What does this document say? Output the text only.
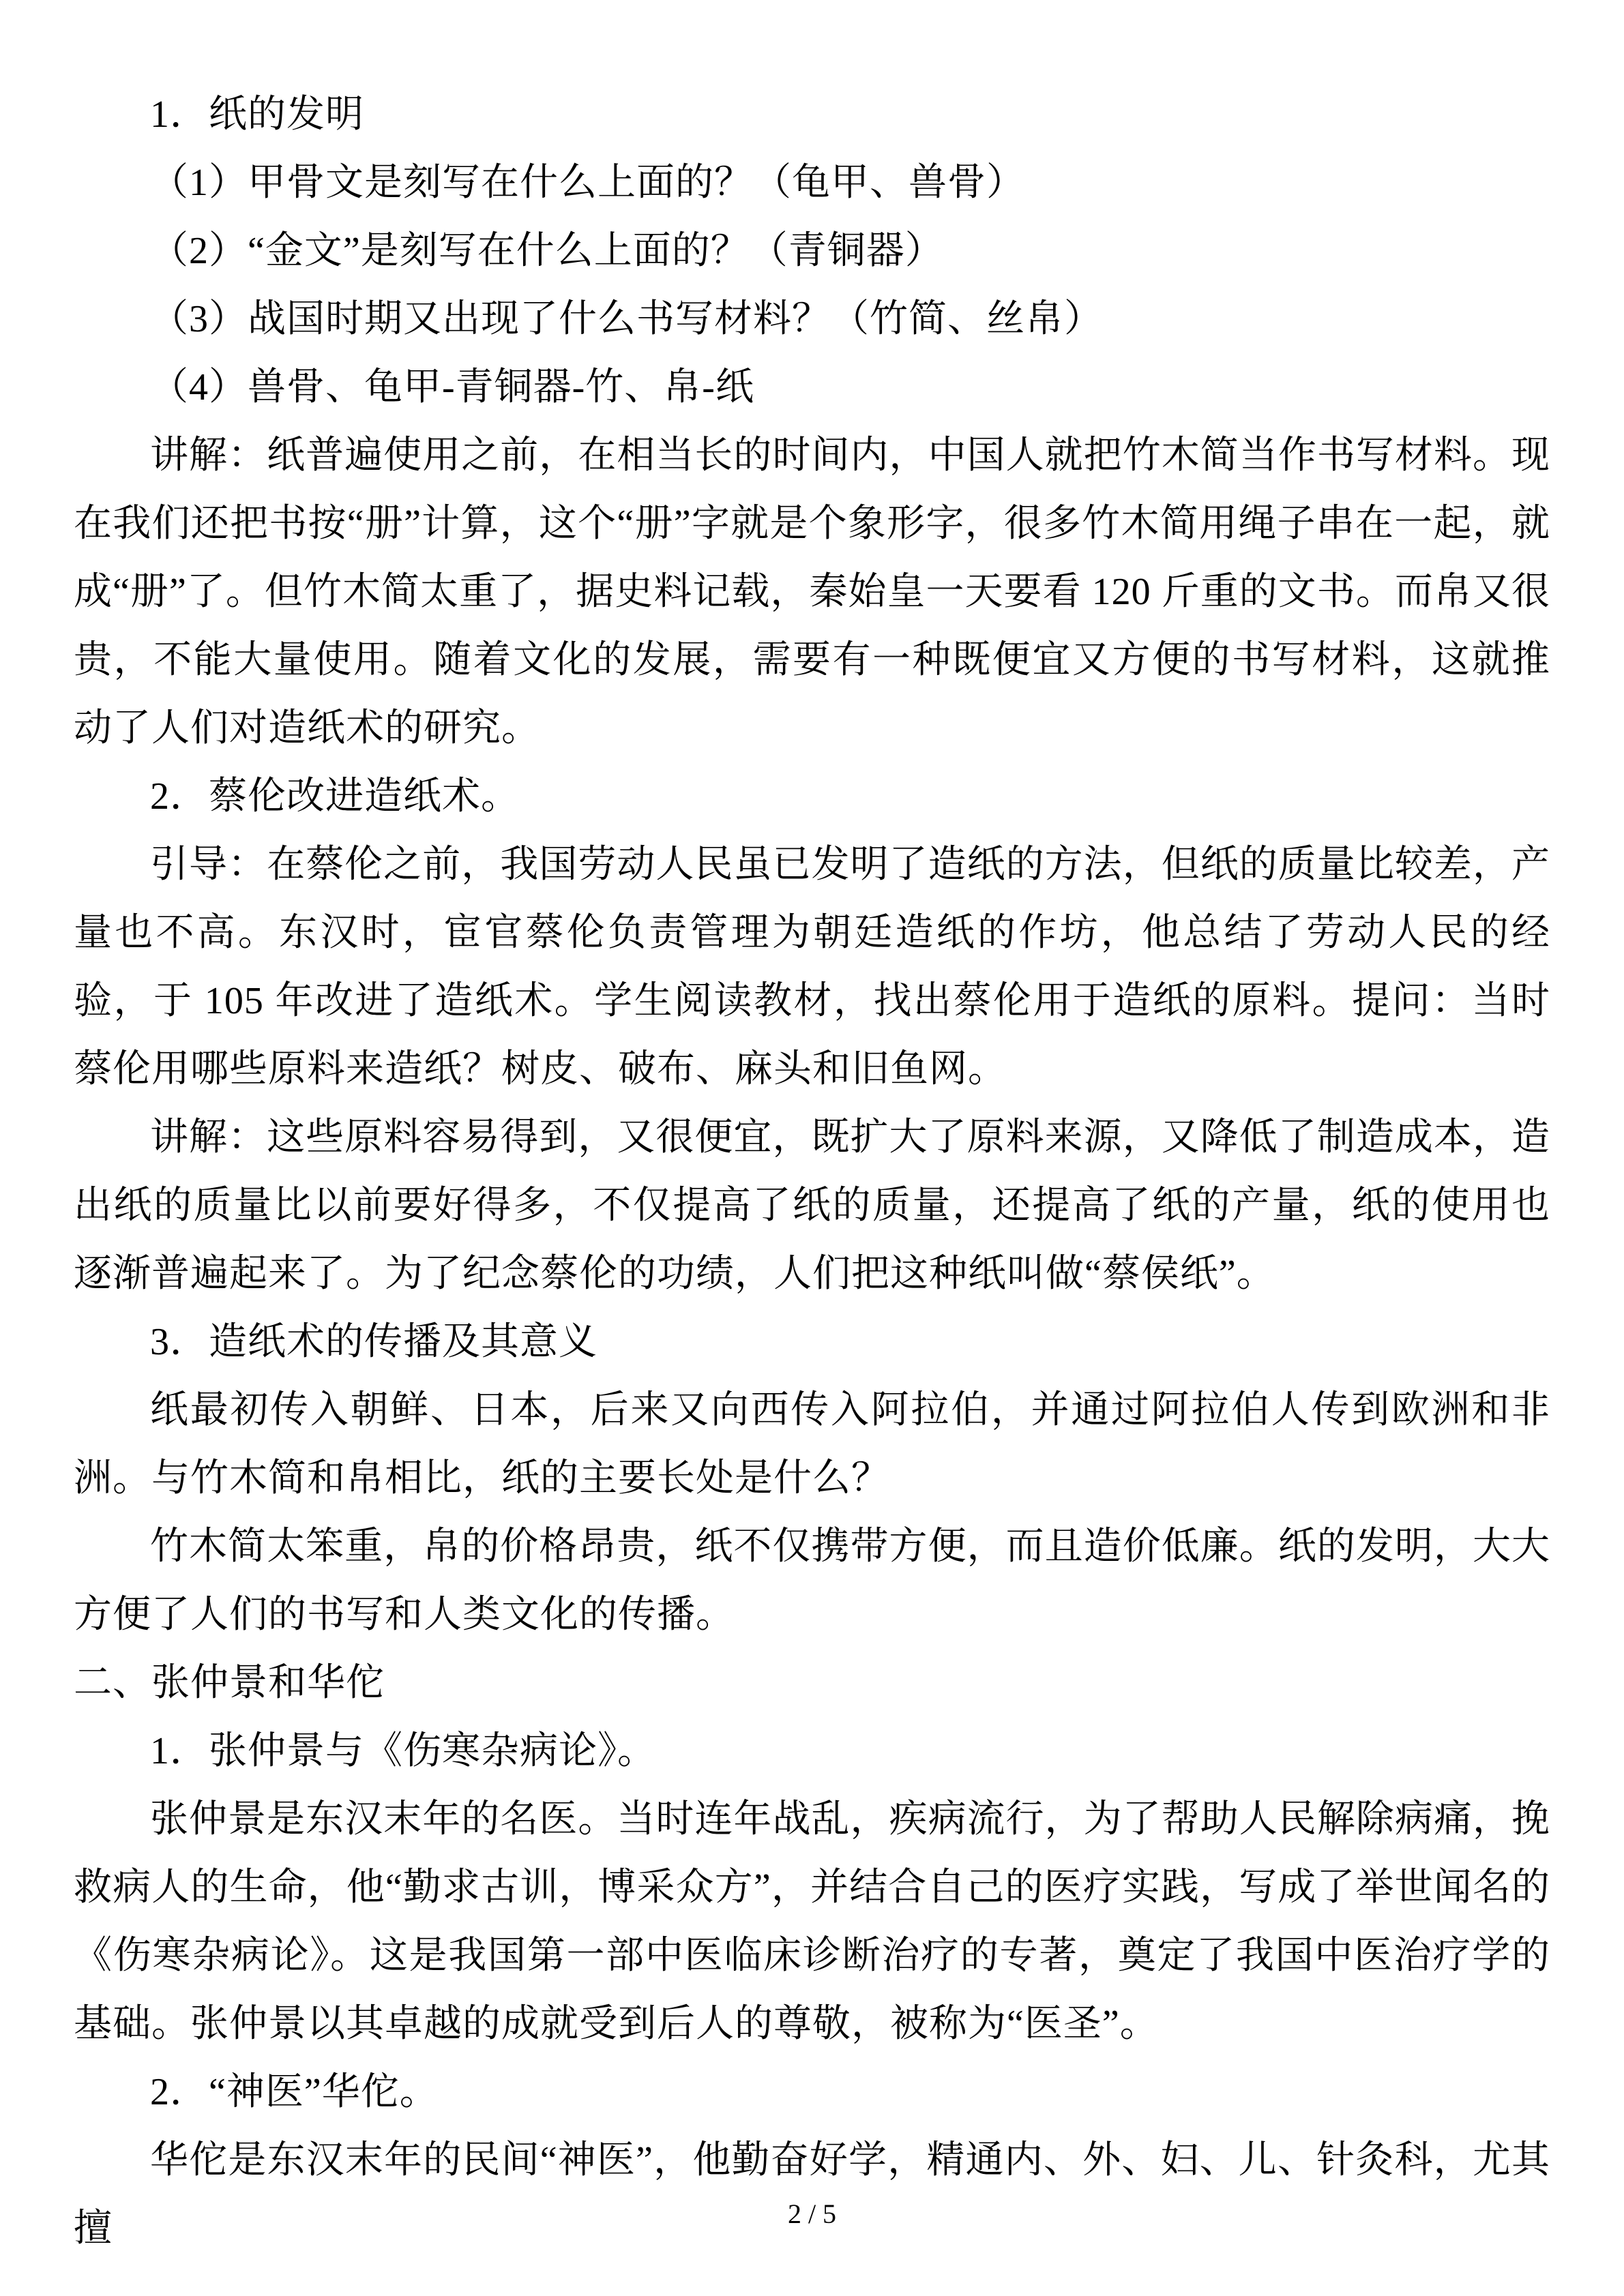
1．纸的发明

（1）甲骨文是刻写在什么上面的？（龟甲、兽骨）

（2）“金文”是刻写在什么上面的？（青铜器）

（3）战国时期又出现了什么书写材料？（竹简、丝帛）

（4）兽骨、龟甲-青铜器-竹、帛-纸

讲解：纸普遍使用之前，在相当长的时间内，中国人就把竹木简当作书写材料。现在我们还把书按“册”计算，这个“册”字就是个象形字，很多竹木简用绳子串在一起，就成“册”了。但竹木简太重了，据史料记载，秦始皇一天要看 120 斤重的文书。而帛又很贵，不能大量使用。随着文化的发展，需要有一种既便宜又方便的书写材料，这就推动了人们对造纸术的研究。

2．蔡伦改进造纸术。

引导：在蔡伦之前，我国劳动人民虽已发明了造纸的方法，但纸的质量比较差，产量也不高。东汉时，宦官蔡伦负责管理为朝廷造纸的作坊，他总结了劳动人民的经验，于 105 年改进了造纸术。学生阅读教材，找出蔡伦用于造纸的原料。提问：当时蔡伦用哪些原料来造纸？树皮、破布、麻头和旧鱼网。

讲解：这些原料容易得到，又很便宜，既扩大了原料来源，又降低了制造成本，造出纸的质量比以前要好得多，不仅提高了纸的质量，还提高了纸的产量，纸的使用也逐渐普遍起来了。为了纪念蔡伦的功绩，人们把这种纸叫做“蔡侯纸”。

3．造纸术的传播及其意义

纸最初传入朝鲜、日本，后来又向西传入阿拉伯，并通过阿拉伯人传到欧洲和非洲。与竹木简和帛相比，纸的主要长处是什么？

竹木简太笨重，帛的价格昂贵，纸不仅携带方便，而且造价低廉。纸的发明，大大方便了人们的书写和人类文化的传播。

二、张仲景和华佗

1．张仲景与《伤寒杂病论》。

张仲景是东汉末年的名医。当时连年战乱，疾病流行，为了帮助人民解除病痛，挽救病人的生命，他“勤求古训，博采众方”，并结合自己的医疗实践，写成了举世闻名的《伤寒杂病论》。这是我国第一部中医临床诊断治疗的专著，奠定了我国中医治疗学的基础。张仲景以其卓越的成就受到后人的尊敬，被称为“医圣”。

2．“神医”华佗。

华佗是东汉末年的民间“神医”，他勤奋好学，精通内、外、妇、儿、针灸科，尤其擅	2 / 5
